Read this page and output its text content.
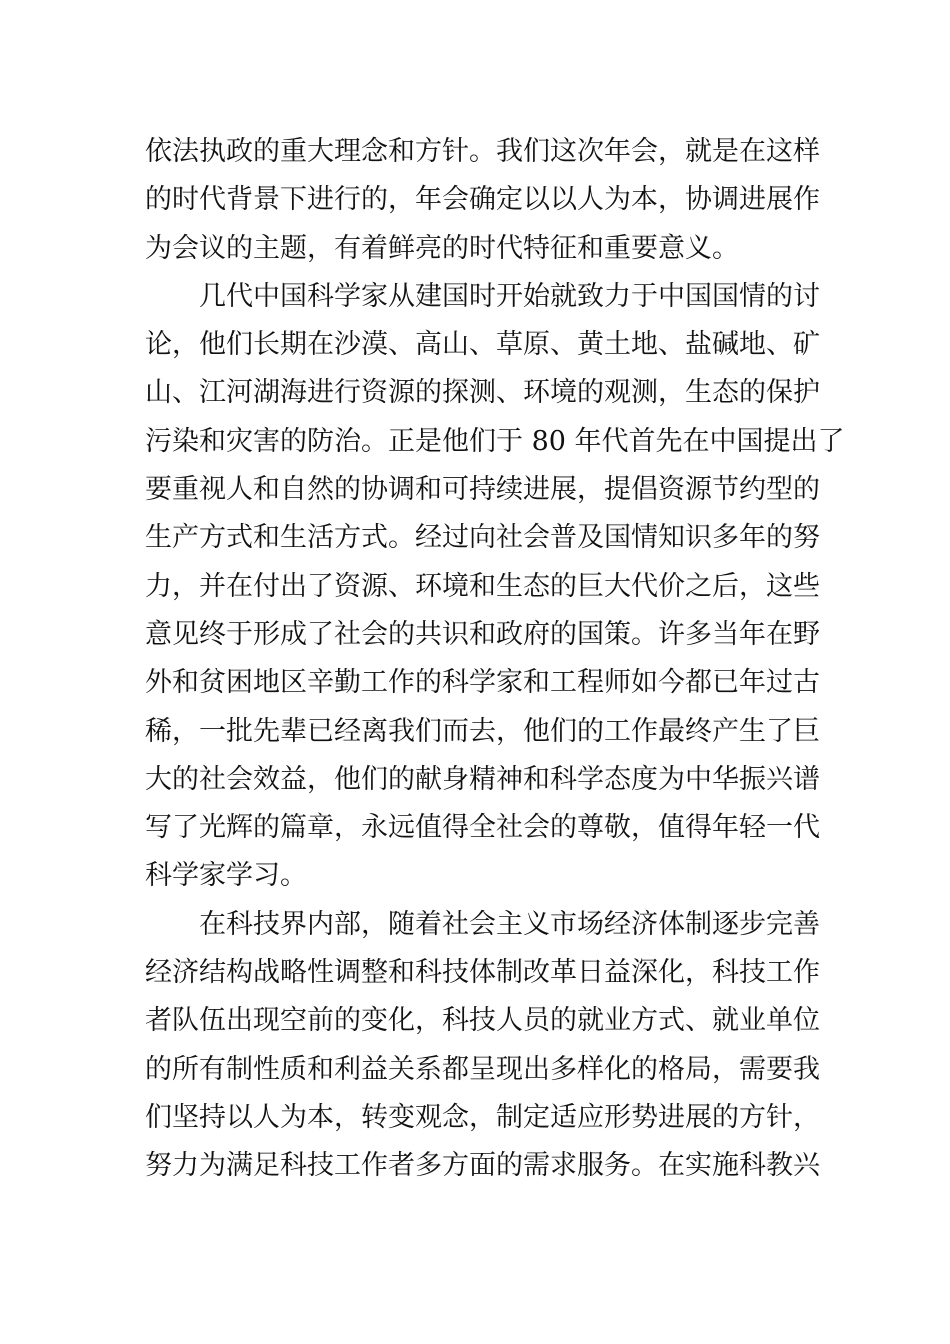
依法执政的重大理念和方针。我们这次年会，就是在这样
的时代背景下进行的，年会确定以以人为本，协调进展作
为会议的主题，有着鲜亮的时代特征和重要意义。
几代中国科学家从建国时开始就致力于中国国情的讨
论，他们长期在沙漠、高山、草原、黄土地、盐碱地、矿
山、江河湖海进行资源的探测、环境的观测，生态的保护
污染和灾害的防治。正是他们于 80 年代首先在中国提出了
要重视人和自然的协调和可持续进展，提倡资源节约型的
生产方式和生活方式。经过向社会普及国情知识多年的努
力，并在付出了资源、环境和生态的巨大代价之后，这些
意见终于形成了社会的共识和政府的国策。许多当年在野
外和贫困地区辛勤工作的科学家和工程师如今都已年过古
稀，一批先辈已经离我们而去，他们的工作最终产生了巨
大的社会效益，他们的献身精神和科学态度为中华振兴谱
写了光辉的篇章，永远值得全社会的尊敬，值得年轻一代
科学家学习。
在科技界内部，随着社会主义市场经济体制逐步完善
经济结构战略性调整和科技体制改革日益深化，科技工作
者队伍出现空前的变化，科技人员的就业方式、就业单位
的所有制性质和利益关系都呈现出多样化的格局，需要我
们坚持以人为本，转变观念，制定适应形势进展的方针，
努力为满足科技工作者多方面的需求服务。在实施科教兴
